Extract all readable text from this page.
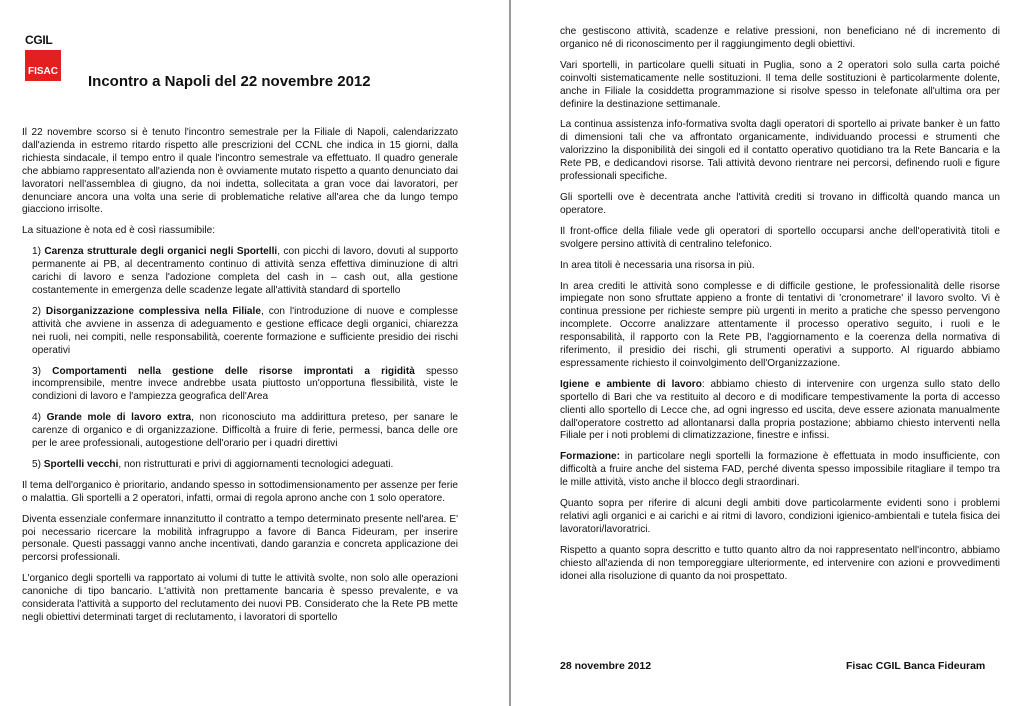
CGIL
FISAC
Incontro a Napoli del 22 novembre 2012

Il 22 novembre scorso si è tenuto l'incontro semestrale per la Filiale di Napoli, calendarizzato dall'azienda in estremo ritardo rispetto alle prescrizioni del CCNL che indica in 15 giorni, dalla richiesta sindacale, il tempo entro il quale l'incontro semestrale va effettuato. Il quadro generale che abbiamo rappresentato all'azienda non è ovviamente mutato rispetto a quanto denunciato dai lavoratori nell'assemblea di giugno, da noi indetta, sollecitata a gran voce dai lavoratori, per denunciare ancora una volta una serie di problematiche relative all'area che da lungo tempo giacciono irrisolte.

La situazione è nota ed è così riassumibile:

1) Carenza strutturale degli organici negli Sportelli, con picchi di lavoro, dovuti al supporto permanente ai PB, al decentramento continuo di attività senza effettiva diminuzione di altri carichi di lavoro e senza l'adozione completa del cash in – cash out, alla gestione costantemente in emergenza delle scadenze legate all'attività standard di sportello

2) Disorganizzazione complessiva nella Filiale, con l'introduzione di nuove e complesse attività che avviene in assenza di adeguamento e gestione efficace degli organici, chiarezza nei ruoli, nei compiti, nelle responsabilità, coerente formazione e sufficiente presidio dei rischi operativi

3) Comportamenti nella gestione delle risorse improntati a rigidità spesso incomprensibile, mentre invece andrebbe usata piuttosto un'opportuna flessibilità, viste le condizioni di lavoro e l'ampiezza geografica dell'Area

4) Grande mole di lavoro extra, non riconosciuto ma addirittura preteso, per sanare le carenze di organico e di organizzazione. Difficoltà a fruire di ferie, permessi, banca delle ore per le aree professionali, autogestione dell'orario per i quadri direttivi

5) Sportelli vecchi, non ristrutturati e privi di aggiornamenti tecnologici adeguati.

Il tema dell'organico è prioritario, andando spesso in sottodimensionamento per assenze per ferie o malattia. Gli sportelli a 2 operatori, infatti, ormai di regola aprono anche con 1 solo operatore.

Diventa essenziale confermare innanzitutto il contratto a tempo determinato presente nell'area. E' poi necessario ricercare la mobilità infragruppo a favore di Banca Fideuram, per inserire personale. Questi passaggi vanno anche incentivati, dando garanzia e concreta applicazione dei percorsi professionali.

L'organico degli sportelli va rapportato ai volumi di tutte le attività svolte, non solo alle operazioni canoniche di tipo bancario. L'attività non prettamente bancaria è spesso prevalente, e va considerata l'attività a supporto del reclutamento dei nuovi PB. Considerato che la Rete PB mette negli obiettivi determinati target di reclutamento, i lavoratori di sportello

che gestiscono attività, scadenze e relative pressioni, non beneficiano né di incremento di organico né di riconoscimento per il raggiungimento degli obiettivi.

Vari sportelli, in particolare quelli situati in Puglia, sono a 2 operatori solo sulla carta poiché coinvolti sistematicamente nelle sostituzioni. Il tema delle sostituzioni è particolarmente dolente, anche in Filiale la cosiddetta programmazione si risolve spesso in telefonate all'ultima ora per definire la destinazione settimanale.

La continua assistenza info-formativa svolta dagli operatori di sportello ai private banker è un fatto di dimensioni tali che va affrontato organicamente, individuando processi e strumenti che valorizzino la disponibilità dei singoli ed il contatto operativo quotidiano tra la Rete Bancaria e la Rete PB, e dedicandovi risorse. Tali attività devono rientrare nei percorsi, definendo ruoli e figure professionali specifiche.

Gli sportelli ove è decentrata anche l'attività crediti si trovano in difficoltà quando manca un operatore.

Il front-office della filiale vede gli operatori di sportello occuparsi anche dell'operatività titoli e svolgere persino attività di centralino telefonico.

In area titoli è necessaria una risorsa in più.

In area crediti le attività sono complesse e di difficile gestione, le professionalità delle risorse impiegate non sono sfruttate appieno a fronte di tentativi di 'cronometrare' il lavoro svolto. Vi è continua pressione per richieste sempre più urgenti in merito a pratiche che spesso pervengono incomplete. Occorre analizzare attentamente il processo operativo seguito, i ruoli e le responsabilità, il rapporto con la Rete PB, l'aggiornamento e la coerenza della normativa di riferimento, il presidio dei rischi, gli strumenti operativi a supporto. Al riguardo abbiamo espressamente richiesto il coinvolgimento dell'Organizzazione.

Igiene e ambiente di lavoro: abbiamo chiesto di intervenire con urgenza sullo stato dello sportello di Bari che va restituito al decoro e di modificare tempestivamente la porta di accesso clienti allo sportello di Lecce che, ad ogni ingresso ed uscita, deve essere azionata manualmente dall'operatore costretto ad allontanarsi dalla propria postazione; abbiamo chiesto interventi nella Filiale per i noti problemi di climatizzazione, finestre e infissi.

Formazione: in particolare negli sportelli la formazione è effettuata in modo insufficiente, con difficoltà a fruire anche del sistema FAD, perché diventa spesso impossibile ritagliare il tempo tra le mille attività, visto anche il blocco degli straordinari.

Quanto sopra per riferire di alcuni degli ambiti dove particolarmente evidenti sono i problemi relativi agli organici e ai carichi e ai ritmi di lavoro, condizioni igienico-ambientali e tutela fisica dei lavoratori/lavoratrici.

Rispetto a quanto sopra descritto e tutto quanto altro da noi rappresentato nell'incontro, abbiamo chiesto all'azienda di non temporeggiare ulteriormente, ed intervenire con azioni e provvedimenti idonei alla risoluzione di quanto da noi prospettato.

28 novembre 2012	Fisac CGIL Banca Fideuram
